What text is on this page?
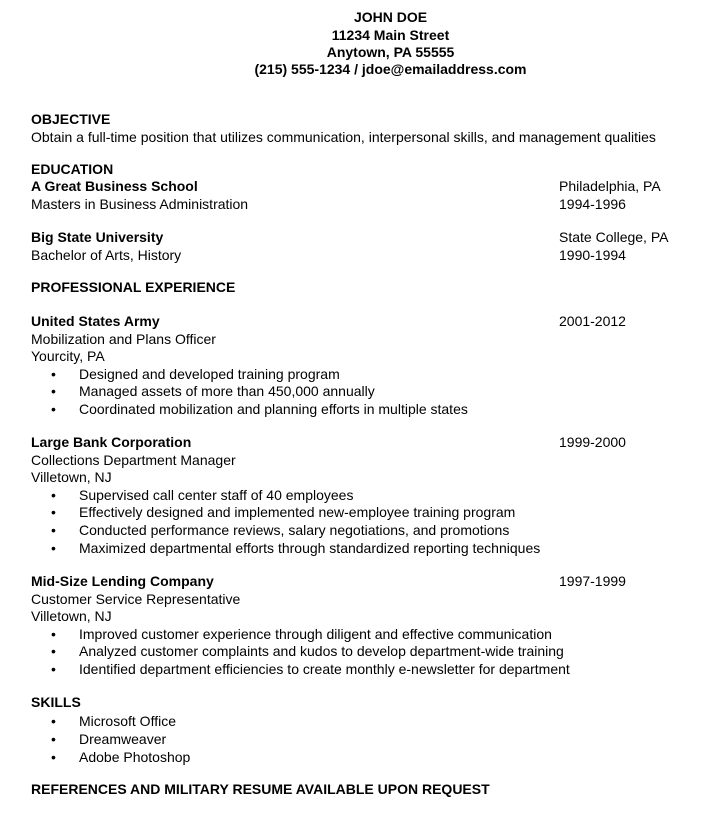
JOHN DOE
11234 Main Street
Anytown, PA 55555
(215) 555-1234 / jdoe@emailaddress.com
OBJECTIVE
Obtain a full-time position that utilizes communication, interpersonal skills, and management qualities
EDUCATION
A Great Business School	Philadelphia, PA
Masters in Business Administration	1994-1996
Big State University	State College, PA
Bachelor of Arts, History	1990-1994
PROFESSIONAL EXPERIENCE
United States Army	2001-2012
Mobilization and Plans Officer
Yourcity, PA
• Designed and developed training program
• Managed assets of more than 450,000 annually
• Coordinated mobilization and planning efforts in multiple states
Large Bank Corporation	1999-2000
Collections Department Manager
Villetown, NJ
• Supervised call center staff of 40 employees
• Effectively designed and implemented new-employee training program
• Conducted performance reviews, salary negotiations, and promotions
• Maximized departmental efforts through standardized reporting techniques
Mid-Size Lending Company	1997-1999
Customer Service Representative
Villetown, NJ
• Improved customer experience through diligent and effective communication
• Analyzed customer complaints and kudos to develop department-wide training
• Identified department efficiencies to create monthly e-newsletter for department
SKILLS
• Microsoft Office
• Dreamweaver
• Adobe Photoshop
REFERENCES AND MILITARY RESUME AVAILABLE UPON REQUEST
